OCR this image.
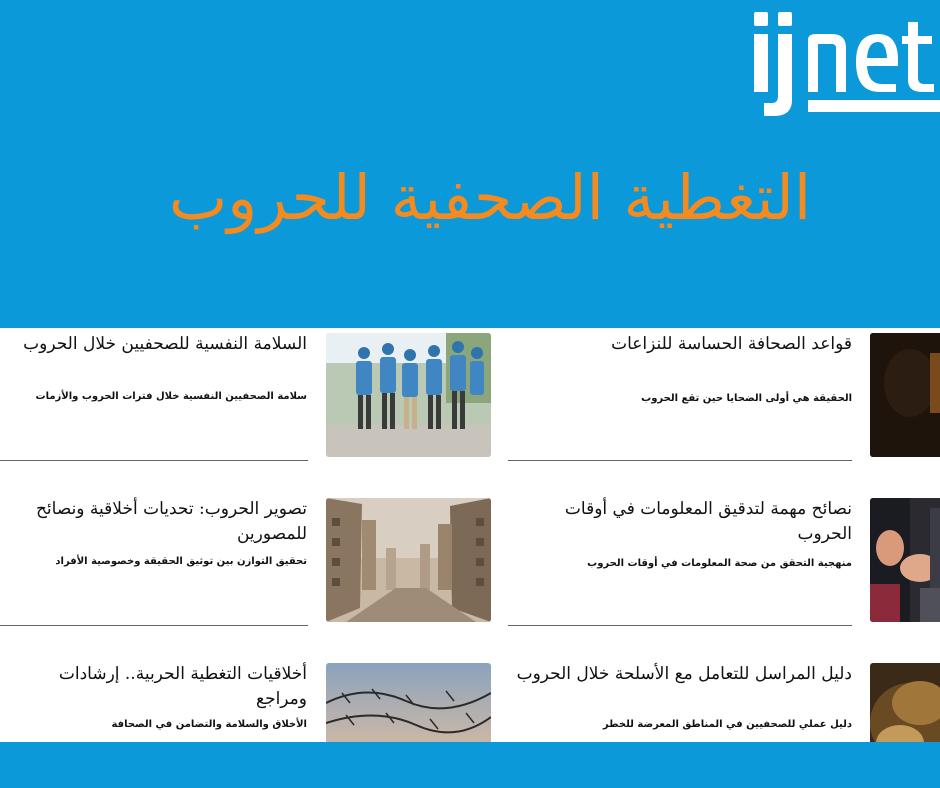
التغطية الصحفية للحروب
قواعد الصحافة الحساسة للنزاعات

الحقيقة هي أولى الضحايا حين تقع الحروب

السلامة النفسية للصحفيين خلال الحروب

سلامة الصحفيين النفسية خلال فترات الحروب والأزمات

نصائح مهمة لتدقيق المعلومات في أوقات الحروب

منهجية التحقق من صحة المعلومات في أوقات الحروب

تصوير الحروب: تحديات أخلاقية ونصائح للمصورين

تحقيق التوازن بين توثيق الحقيقة وخصوصية الأفراد

دليل المراسل للتعامل مع الأسلحة خلال الحروب

دليل عملي للصحفيين في المناطق المعرضة للخطر

أخلاقيات التغطية الحربية.. إرشادات ومراجع

الأخلاق والسلامة والتضامن في الصحافة
